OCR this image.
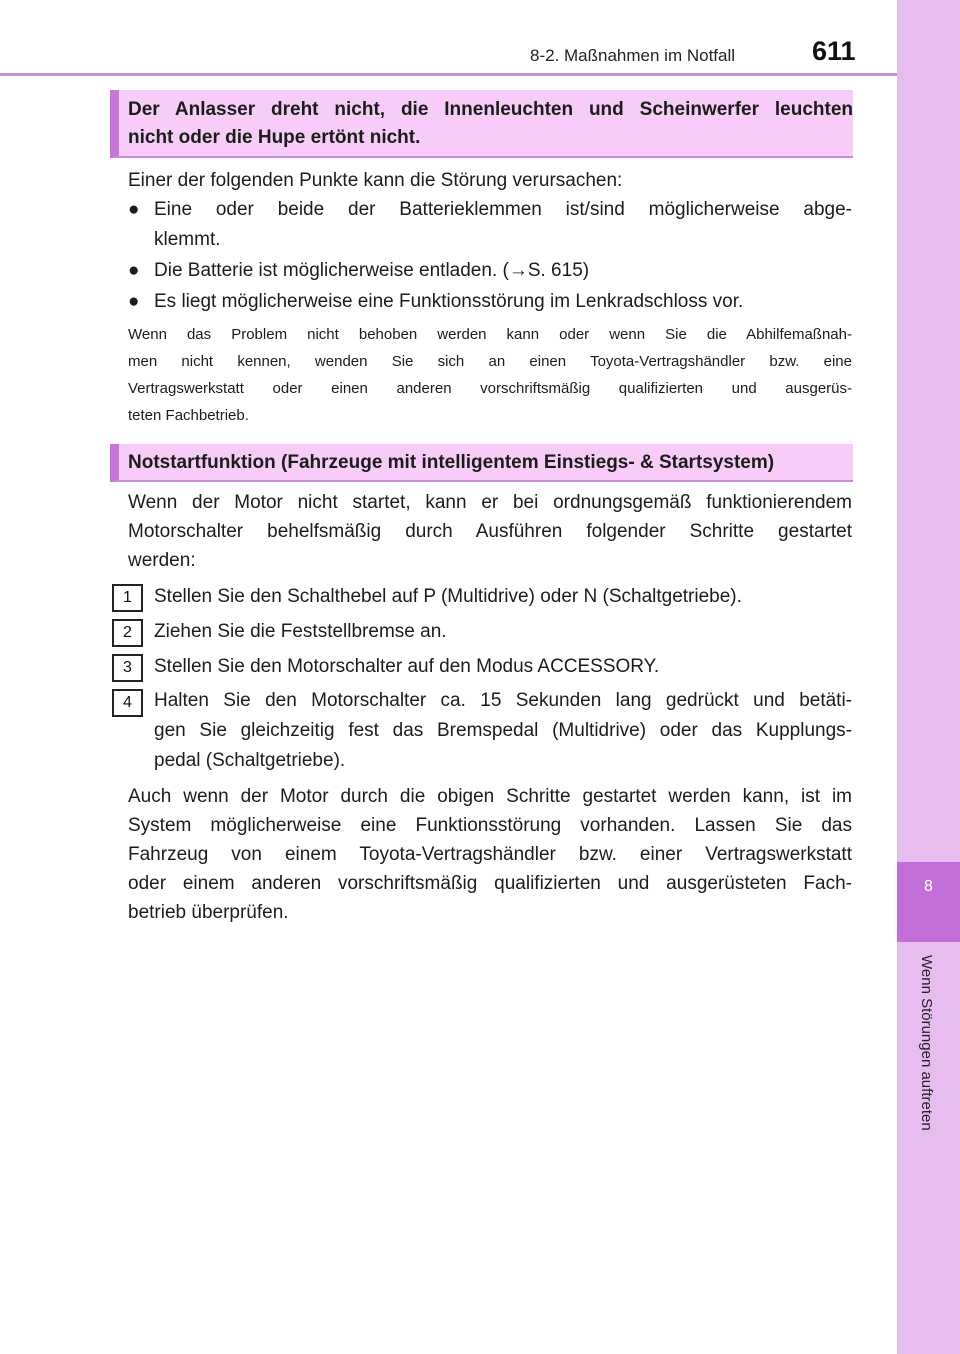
8-2. Maßnahmen im Notfall	611
8
Wenn Störungen auftreten
Der Anlasser dreht nicht, die Innenleuchten und Scheinwerfer leuchten
nicht oder die Hupe ertönt nicht.
Einer der folgenden Punkte kann die Störung verursachen:
● Eine oder beide der Batterieklemmen ist/sind möglicherweise abge-
klemmt.
● Die Batterie ist möglicherweise entladen. (→S. 615)
● Es liegt möglicherweise eine Funktionsstörung im Lenkradschloss vor.
Wenn das Problem nicht behoben werden kann oder wenn Sie die Abhilfemaßnah-
men nicht kennen, wenden Sie sich an einen Toyota-Vertragshändler bzw. eine
Vertragswerkstatt oder einen anderen vorschriftsmäßig qualifizierten und ausgerüs-
teten Fachbetrieb.
Notstartfunktion (Fahrzeuge mit intelligentem Einstiegs- & Startsystem)
Wenn der Motor nicht startet, kann er bei ordnungsgemäß funktionierendem
Motorschalter behelfsmäßig durch Ausführen folgender Schritte gestartet
werden:
1	Stellen Sie den Schalthebel auf P (Multidrive) oder N (Schaltgetriebe).
2	Ziehen Sie die Feststellbremse an.
3	Stellen Sie den Motorschalter auf den Modus ACCESSORY.
4	Halten Sie den Motorschalter ca. 15 Sekunden lang gedrückt und betäti-
gen Sie gleichzeitig fest das Bremspedal (Multidrive) oder das Kupplungs-
pedal (Schaltgetriebe).
Auch wenn der Motor durch die obigen Schritte gestartet werden kann, ist im
System möglicherweise eine Funktionsstörung vorhanden. Lassen Sie das
Fahrzeug von einem Toyota-Vertragshändler bzw. einer Vertragswerkstatt
oder einem anderen vorschriftsmäßig qualifizierten und ausgerüsteten Fach-
betrieb überprüfen.
